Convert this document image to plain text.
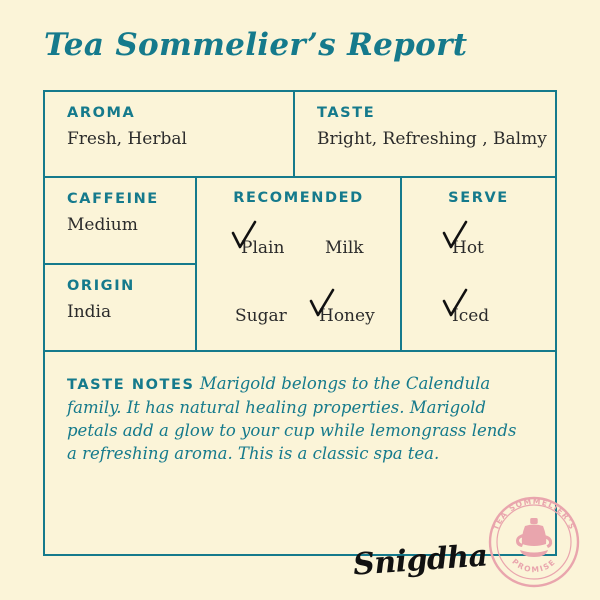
Tea Sommelier’s Report
AROMA
Fresh, Herbal
TASTE
Bright, Refreshing , Balmy
CAFFEINE
Medium
ORIGIN
India
RECOMENDED
Plain Milk
Sugar Honey
SERVE
Hot
Iced
TASTE NOTES Marigold belongs to the Calendula family. It has natural healing properties. Marigold petals add a glow to your cup while lemongrass lends a refreshing aroma. This is a classic spa tea.
Snigdha
TEA SOMMELIER’S
PROMISE
